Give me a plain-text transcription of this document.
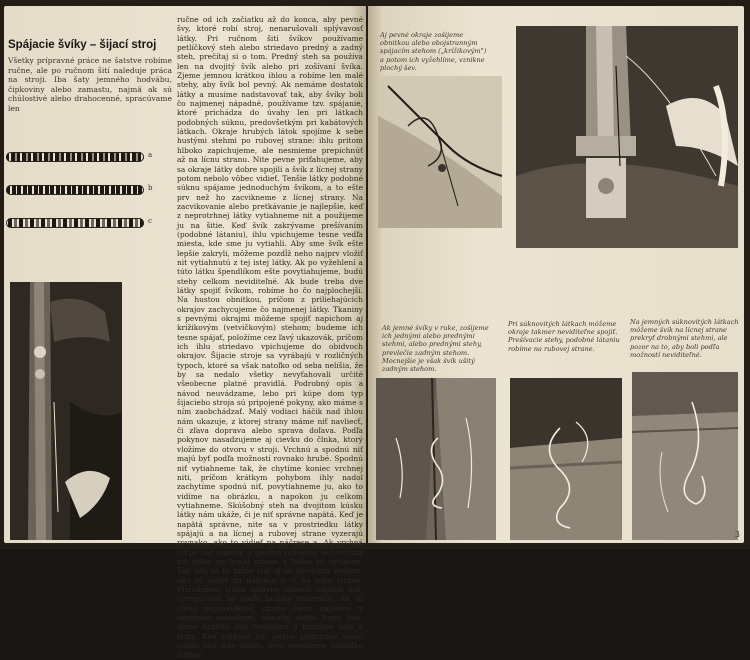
Spájacie švíky – šijací stroj
Všetky prípravné práce ne šatstve robíme ručne, ale po ručnom šití naleduje práca na stroji. Iba šaty jemného hodvábu, čipkoviny alebo zamastu, najmä ak sú chúlostivé alebo drahocenné, spracúvame len
a
b
c
ručne od ich začiatku až do konca, aby pevné švy, ktoré robí stroj, nenarušovali splývavosť látky. Pri ručnom šití švíkov používame petlíčkový steh alebo striedavo predný a zadný steh, prečítaj si o tom. Predný steh sa používa len na dvojitý švík alebo pri zošívaní švíka. Zjeme jemnou krátkou ihlou a robíme len malé stehy, aby švík bol pevný. Ak nemáme dostatok látky a musíme nadstavovať tak, aby švíky boli čo najmenej nápadné, používame tzv. spájanie, ktoré prichádza do úvahy len pri látkach podobných súknu, predovšetkým pri kabátových látkach. Okraje hrubých látok spojíme k sebe hustými stehmi po rubovej strane: ihlu pritom hlboko zapichujeme, ale nesmieme prepichnúť až na lícnu stranu. Nite pevne priťahujeme, aby sa okraje látky dobre spojili a švík z lícnej strany potom nebolo vôbec vidieť. Tenšie látky podobné súknu spájame jednoduchým švíkom, a to ešte prv než ho zacvikneme z lícnej strany. Na zacvikovanie alebo pretkávanie je najlepšie, keď z neprotrhnej látky vytiahneme nit a použijeme ju na šitie. Keď švík zakrývame prešívaním (podobné látaniu), ihlu vpichujeme tesne vedľa miesta, kde sme ju vytiahli. Aby sme švík ešte lepšie zakryli, môžeme pozdĺž neho najprv vložiť nit vytiahnutú z tej istej látky. Ak po vyžehlení a túto látku špendlíkom ešte povytiahujeme, budú stehy celkom neviditeľné. Ak bude treba dve látky spojiť švíkom, robíme ho čo najplochejší. Na hustou obnitkou, príčom z priliehajúcich okrajov zachycujeme čo najmenej látky. Tkaniny s pevnými okrajmi môžeme spojiť napichom aj krížikovým (vetvičkovým) stehom; budeme ich tesne spájať, položíme cez ľavý ukazovák, príčom ich ihlu striedavo vpichujeme do obidvoch okrajov. Šijacie stroje sa vyrábajú v rozličných typoch, ktoré sa však natoľko od seba nelíšia, že by sa nedalo všetky nevyťahovali určité všeobecne platné pravidlá. Podrobný opis a návod neuvádzame, lebo pri kúpe dom typ šijacieho stroja sú pripojené pokyny, ako máme s ním zaobchádzať. Malý vodiaci háčik nad ihlou nám ukazuje, z ktorej strany máme niť navliecť, či zľava doprava alebo sprava doľava. Podľa pokynov nasadzujeme aj cievku do člnka, ktorý vložíme do otvoru v stroji. Vrchnú a spodnú niť majú byť podľa možností rovnako hrubé. Spodnú niť vytiahneme tak, že chytíme koniec vrchnej niti, príčom krátkym pohybom ihly nadol zachytíme spodnú niť, povytiahneme ju, ako to vidíme na obrázku, a napokon ju celkom vytiahneme. Skúšobný steh na dvojitom kúsku látky nám ukáže, či je niť správne napätá. Keď je napätá správne, nite sa v prostriedku látky spájajú a na lícnej a rubovej strane vyzerajú rovnako, ako to vidieť na náčrese a. Ak vrchná niť je viac napätá, a spodná voľnejšia, leží vrchná niť voľne na lícnej strane a ľahko sa vytiahne. Tak isto sa to môže stať aj so spodným stehom, ako to vidieť na náčrese b, c na tejto strane. Prirodzene, treba správne upraviť napätie nití, vyreguluvať ho podľa hrúbky materiálu. Ak sú stehy nepravidelné, chybu často nájdeme v obrátene nasadenej, ohnutej alebo tupej ihle, alebo hrúbka ihly nesúhlasí s hrúbkou nite a látky. Keď celkovo šiť, pevne pridržíme ľavou rukou oba nite vzadu, kým neušijeme niekoľko stehov.
Aj pevné okraje zošijeme obnitkou alebo obojstranným spájacím stehom („krížikovým") a potom ich vyžehlíme, vznikne plochý šev.
Ak jemné švíky v ruke, zošijeme ich jednými alebo prednými stehmi, alebo prednými stehy, prevlečie zadným stehom. Mocnejšie je však švík ušitý zadným stehom.
Pri súknovitých látkach môžeme okraje takmer neviditeľne spojiť. Prešívacie stehy, podobné látaniu robíme na rubovej strane.
Na jemných súknovitých látkach môžeme švík na lícnej strane prekryť drobnými stehmi, ale pozor na to, aby boli podľa možností neviditeľné.
3
